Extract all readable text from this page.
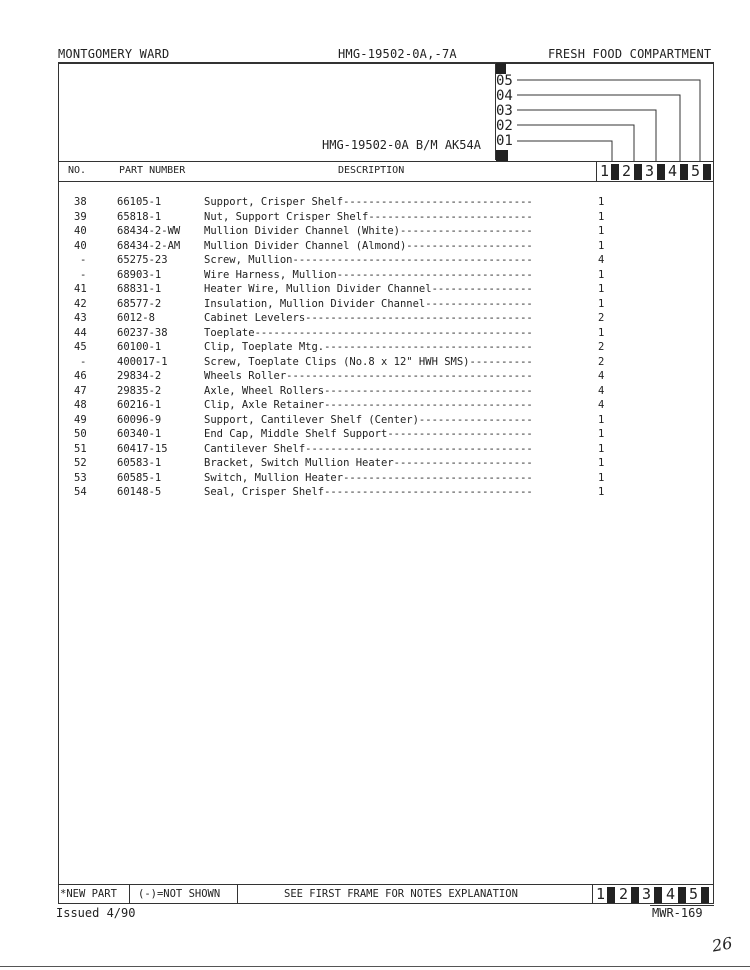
MONTGOMERY WARD	HMG-19502-0A,-7A	FRESH FOOD COMPARTMENT
05
04
03
02
01
HMG-19502-0A B/M AK54A
NO.	PART NUMBER	DESCRIPTION	1 2 3 4 5
38	66105-1	Support, Crisper Shelf------------------------------	1
39	65818-1	Nut, Support Crisper Shelf--------------------------	1
40	68434-2-WW Mullion Divider Channel (White)---------------------	1
40	68434-2-AM Mullion Divider Channel (Almond)--------------------	1
-	65275-23	Screw, Mullion--------------------------------------	4
-	68903-1	Wire Harness, Mullion-------------------------------	1
41	68831-1	Heater Wire, Mullion Divider Channel----------------	1
42	68577-2	Insulation, Mullion Divider Channel-----------------	1
43	6012-8	Cabinet Levelers------------------------------------	2
44	60237-38	Toeplate--------------------------------------------	1
45	60100-1	Clip, Toeplate Mtg.---------------------------------	2
-	400017-1	Screw, Toeplate Clips (No.8 x 12" HWH SMS)----------	2
46	29834-2	Wheels Roller---------------------------------------	4
47	29835-2	Axle, Wheel Rollers---------------------------------	4
48	60216-1	Clip, Axle Retainer---------------------------------	4
49	60096-9	Support, Cantilever Shelf (Center)------------------	1
50	60340-1	End Cap, Middle Shelf Support-----------------------	1
51	60417-15	Cantilever Shelf------------------------------------	1
52	60583-1	Bracket, Switch Mullion Heater----------------------	1
53	60585-1	Switch, Mullion Heater------------------------------	1
54	60148-5	Seal, Crisper Shelf---------------------------------	1
*NEW PART (-)=NOT SHOWN	SEE FIRST FRAME FOR NOTES EXPLANATION	1 2 3 4 5
Issued 4/90	MWR-169
26
